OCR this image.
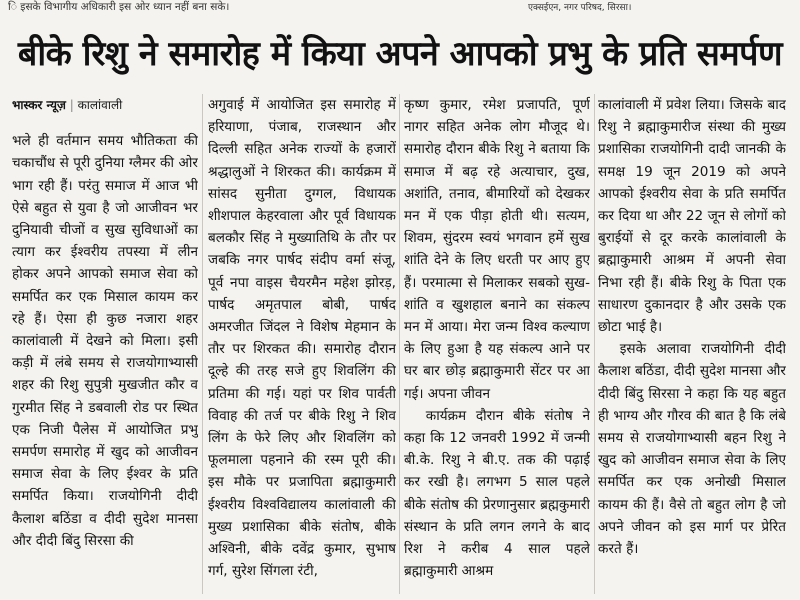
ि इसके विभागीय अधिकारी इस ओर ध्यान नहीं बना सके।	एक्सईएन, नगर परिषद, सिरसा।
बीके रिशु ने समारोह में किया अपने आपको प्रभु के प्रति समर्पण
भास्कर न्यूज़ | कालांवाली

भले ही वर्तमान समय भौतिकता की चकाचौंध से पूरी दुनिया ग्लैमर की ओर भाग रही हैं। परंतु समाज में आज भी ऐसे बहुत से युवा है जो आजीवन भर दुनियावी चीजों व सुख सुविधाओं का त्याग कर ईश्वरीय तपस्या में लीन होकर अपने आपको समाज सेवा को समर्पित कर एक मिसाल कायम कर रहे हैं। ऐसा ही कुछ नजारा शहर कालांवाली में देखने को मिला। इसी कड़ी में लंबे समय से राजयोगाभ्यासी शहर की रिशु सुपुत्री मुखजीत कौर व गुरमीत सिंह ने डबवाली रोड पर स्थित एक निजी पैलेस में आयोजित प्रभु समर्पण समारोह में खुद को आजीवन समाज सेवा के लिए ईश्वर के प्रति समर्पित किया। राजयोगिनी दीदी कैलाश बठिंडा व दीदी सुदेश मानसा और दीदी बिंदु सिरसा की

अगुवाई में आयोजित इस समारोह में हरियाणा, पंजाब, राजस्थान और दिल्ली सहित अनेक राज्यों के हजारों श्रद्धालुओं ने शिरकत की। कार्यक्रम में सांसद सुनीता दुग्गल, विधायक शीशपाल केहरवाला और पूर्व विधायक बलकौर सिंह ने मुख्यातिथि के तौर पर जबकि नगर पार्षद संदीप वर्मा संजू, पूर्व नपा वाइस चैयरमैन महेश झोरड़, पार्षद अमृतपाल बोबी, पार्षद अमरजीत जिंदल ने विशेष मेहमान के तौर पर शिरकत की। समारोह दौरान दूल्हे की तरह सजे हुए शिवलिंग की प्रतिमा की गई। यहां पर शिव पार्वती विवाह की तर्ज पर बीके रिशु ने शिव लिंग के फेरे लिए और शिवलिंग को फूलमाला पहनाने की रस्म पूरी की। इस मौके पर प्रजापिता ब्रह्माकुमारी ईश्वरीय विश्वविद्यालय कालांवाली की मुख्य प्रशासिका बीके संतोष, बीके अश्विनी, बीके दवेंद्र कुमार, सुभाष गर्ग, सुरेश सिंगला रंटी,

कृष्ण कुमार, रमेश प्रजापति, पूर्ण नागर सहित अनेक लोग मौजूद थे। समारोह दौरान बीके रिशु ने बताया कि समाज में बढ़ रहे अत्याचार, दुख, अशांति, तनाव, बीमारियों को देखकर मन में एक पीड़ा होती थी। सत्यम, शिवम, सुंदरम स्वयं भगवान हमें सुख शांति देने के लिए धरती पर आए हुए हैं। परमात्मा से मिलाकर सबको सुख-शांति व खुशहाल बनाने का संकल्प मन में आया। मेरा जन्म विश्व कल्याण के लिए हुआ है यह संकल्प आने पर घर बार छोड़ ब्रह्माकुमारी सेंटर पर आ गई। अपना जीवन

कार्यक्रम दौरान बीके संतोष ने कहा कि 12 जनवरी 1992 में जन्मी बी.के. रिशु ने बी.ए. तक की पढ़ाई कर रखी है। लगभग 5 साल पहले बीके संतोष की प्रेरणानुसार ब्रह्मकुमारी संस्थान के प्रति लगन लगने के बाद रिश ने करीब 4 साल पहले ब्रह्माकुमारी आश्रम

कालांवाली में प्रवेश लिया। जिसके बाद रिशु ने ब्रह्माकुमारीज संस्था की मुख्य प्रशासिका राजयोगिनी दादी जानकी के समक्ष 19 जून 2019 को अपने आपको ईश्वरीय सेवा के प्रति समर्पित कर दिया था और 22 जून से लोगों को बुराईयों से दूर करके कालांवाली के ब्रह्माकुमारी आश्रम में अपनी सेवा निभा रही हैं। बीके रिशु के पिता एक साधारण दुकानदार है और उसके एक छोटा भाई है।

इसके अलावा राजयोगिनी दीदी कैलाश बठिंडा, दीदी सुदेश मानसा और दीदी बिंदु सिरसा ने कहा कि यह बहुत ही भाग्य और गौरव की बात है कि लंबे समय से राजयोगाभ्यासी बहन रिशु ने खुद को आजीवन समाज सेवा के लिए समर्पित कर एक अनोखी मिसाल कायम की हैं। वैसे तो बहुत लोग है जो अपने जीवन को इस मार्ग पर प्रेरित करते हैं।
